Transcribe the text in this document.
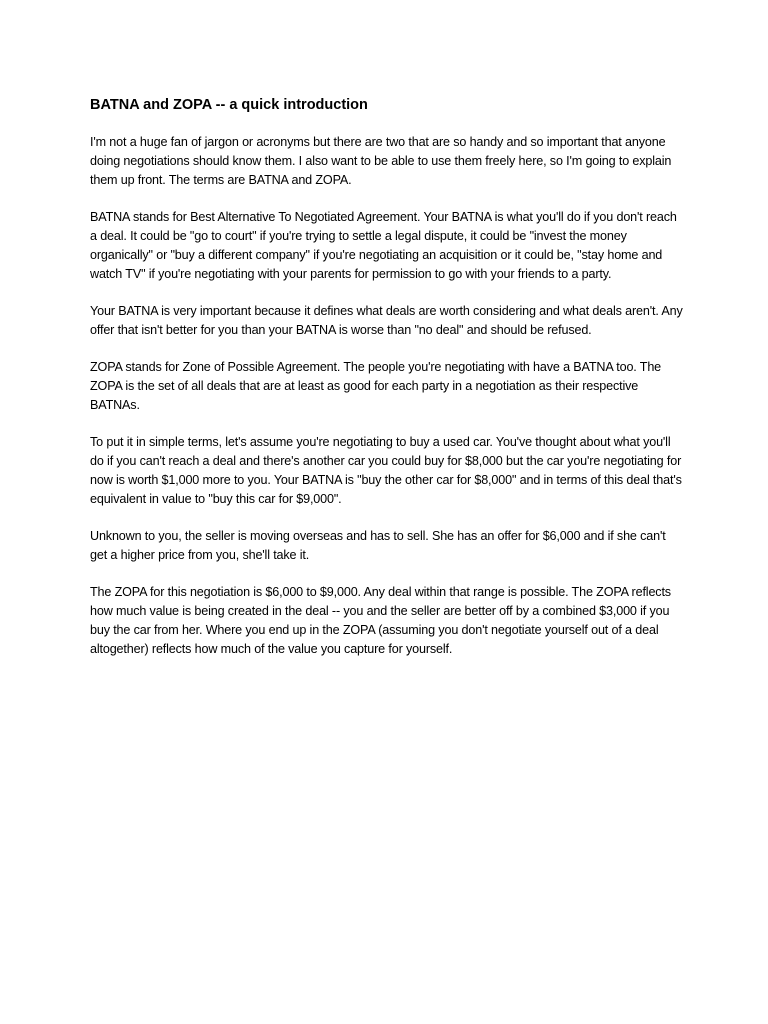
BATNA and ZOPA -- a quick introduction

I'm not a huge fan of jargon or acronyms but there are two that are so handy and so important that anyone doing negotiations should know them. I also want to be able to use them freely here, so I'm going to explain them up front. The terms are BATNA and ZOPA.

BATNA stands for Best Alternative To Negotiated Agreement. Your BATNA is what you'll do if you don't reach a deal. It could be "go to court" if you're trying to settle a legal dispute, it could be "invest the money organically" or "buy a different company" if you're negotiating an acquisition or it could be, "stay home and watch TV" if you're negotiating with your parents for permission to go with your friends to a party.

Your BATNA is very important because it defines what deals are worth considering and what deals aren't. Any offer that isn't better for you than your BATNA is worse than "no deal" and should be refused.

ZOPA stands for Zone of Possible Agreement. The people you're negotiating with have a BATNA too. The ZOPA is the set of all deals that are at least as good for each party in a negotiation as their respective BATNAs.

To put it in simple terms, let's assume you're negotiating to buy a used car. You've thought about what you'll do if you can't reach a deal and there's another car you could buy for $8,000 but the car you're negotiating for now is worth $1,000 more to you. Your BATNA is "buy the other car for $8,000" and in terms of this deal that's equivalent in value to "buy this car for $9,000".

Unknown to you, the seller is moving overseas and has to sell. She has an offer for $6,000 and if she can't get a higher price from you, she'll take it.

The ZOPA for this negotiation is $6,000 to $9,000. Any deal within that range is possible. The ZOPA reflects how much value is being created in the deal -- you and the seller are better off by a combined $3,000 if you buy the car from her. Where you end up in the ZOPA (assuming you don't negotiate yourself out of a deal altogether) reflects how much of the value you capture for yourself.
